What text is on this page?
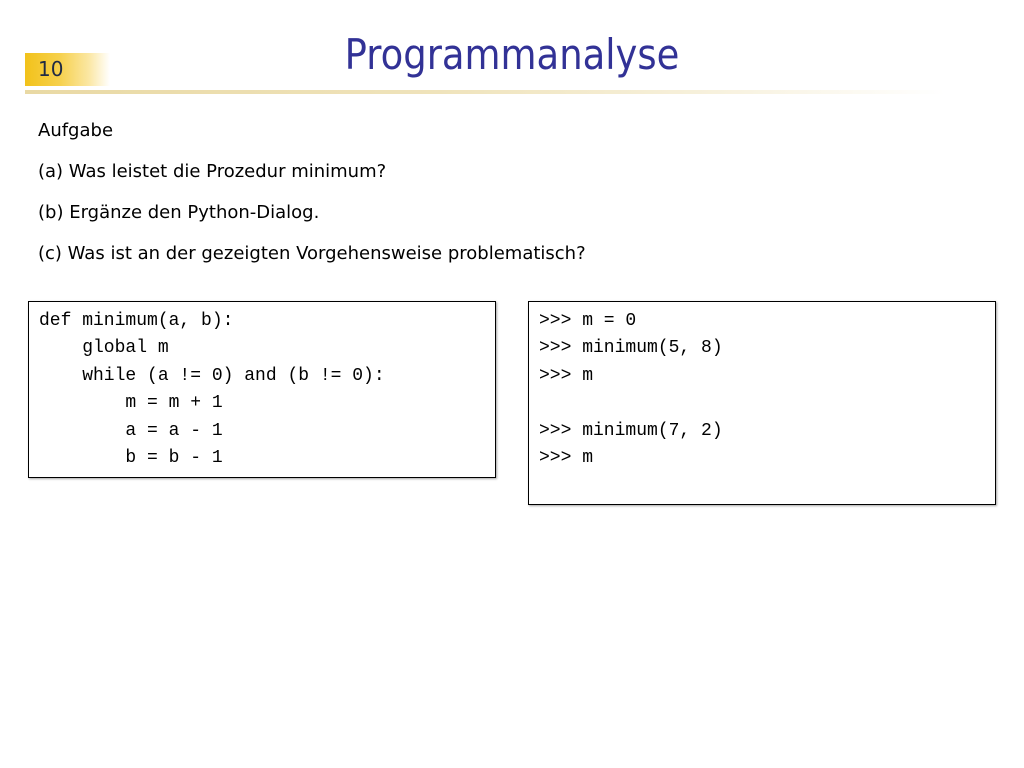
10	Programmanalyse
Aufgabe
(a) Was leistet die Prozedur minimum?
(b) Ergänze den Python-Dialog.
(c) Was ist an der gezeigten Vorgehensweise problematisch?
def minimum(a, b):
global m
while (a != 0) and (b != 0):
m = m + 1
a = a - 1
b = b - 1
>>> m = 0
>>> minimum(5, 8)
>>> m
>>> minimum(7, 2)
>>> m
